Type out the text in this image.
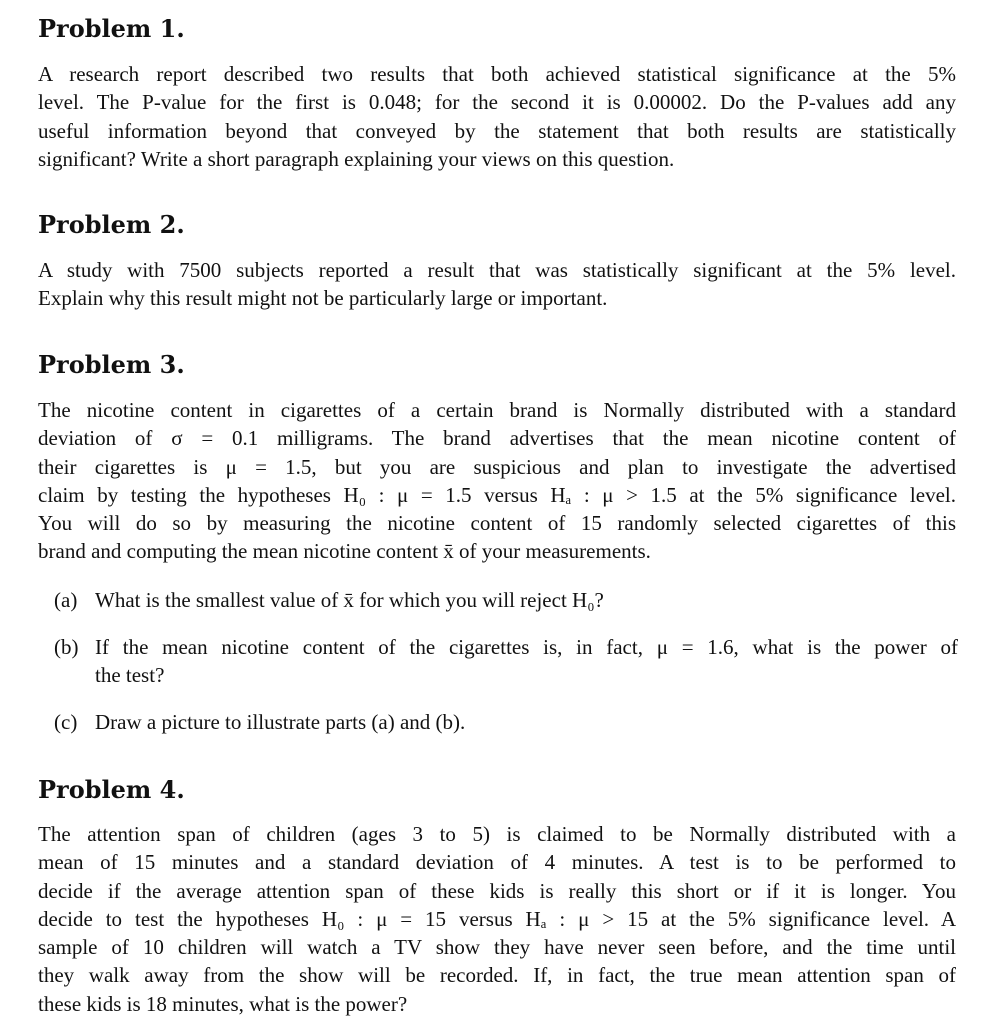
Problem 1.
A research report described two results that both achieved statistical significance at the 5%
level. The P-value for the first is 0.048; for the second it is 0.00002. Do the P-values add any
useful information beyond that conveyed by the statement that both results are statistically
significant? Write a short paragraph explaining your views on this question.
Problem 2.
A study with 7500 subjects reported a result that was statistically significant at the 5% level.
Explain why this result might not be particularly large or important.
Problem 3.
The nicotine content in cigarettes of a certain brand is Normally distributed with a standard
deviation of σ = 0.1 milligrams. The brand advertises that the mean nicotine content of
their cigarettes is μ = 1.5, but you are suspicious and plan to investigate the advertised
claim by testing the hypotheses H₀ : μ = 1.5 versus Hₐ : μ > 1.5 at the 5% significance level.
You will do so by measuring the nicotine content of 15 randomly selected cigarettes of this
brand and computing the mean nicotine content x̄ of your measurements.
(a) What is the smallest value of x̄ for which you will reject H₀?
(b) If the mean nicotine content of the cigarettes is, in fact, μ = 1.6, what is the power of
the test?
(c) Draw a picture to illustrate parts (a) and (b).
Problem 4.
The attention span of children (ages 3 to 5) is claimed to be Normally distributed with a
mean of 15 minutes and a standard deviation of 4 minutes. A test is to be performed to
decide if the average attention span of these kids is really this short or if it is longer. You
decide to test the hypotheses H₀ : μ = 15 versus Hₐ : μ > 15 at the 5% significance level. A
sample of 10 children will watch a TV show they have never seen before, and the time until
they walk away from the show will be recorded. If, in fact, the true mean attention span of
these kids is 18 minutes, what is the power?
